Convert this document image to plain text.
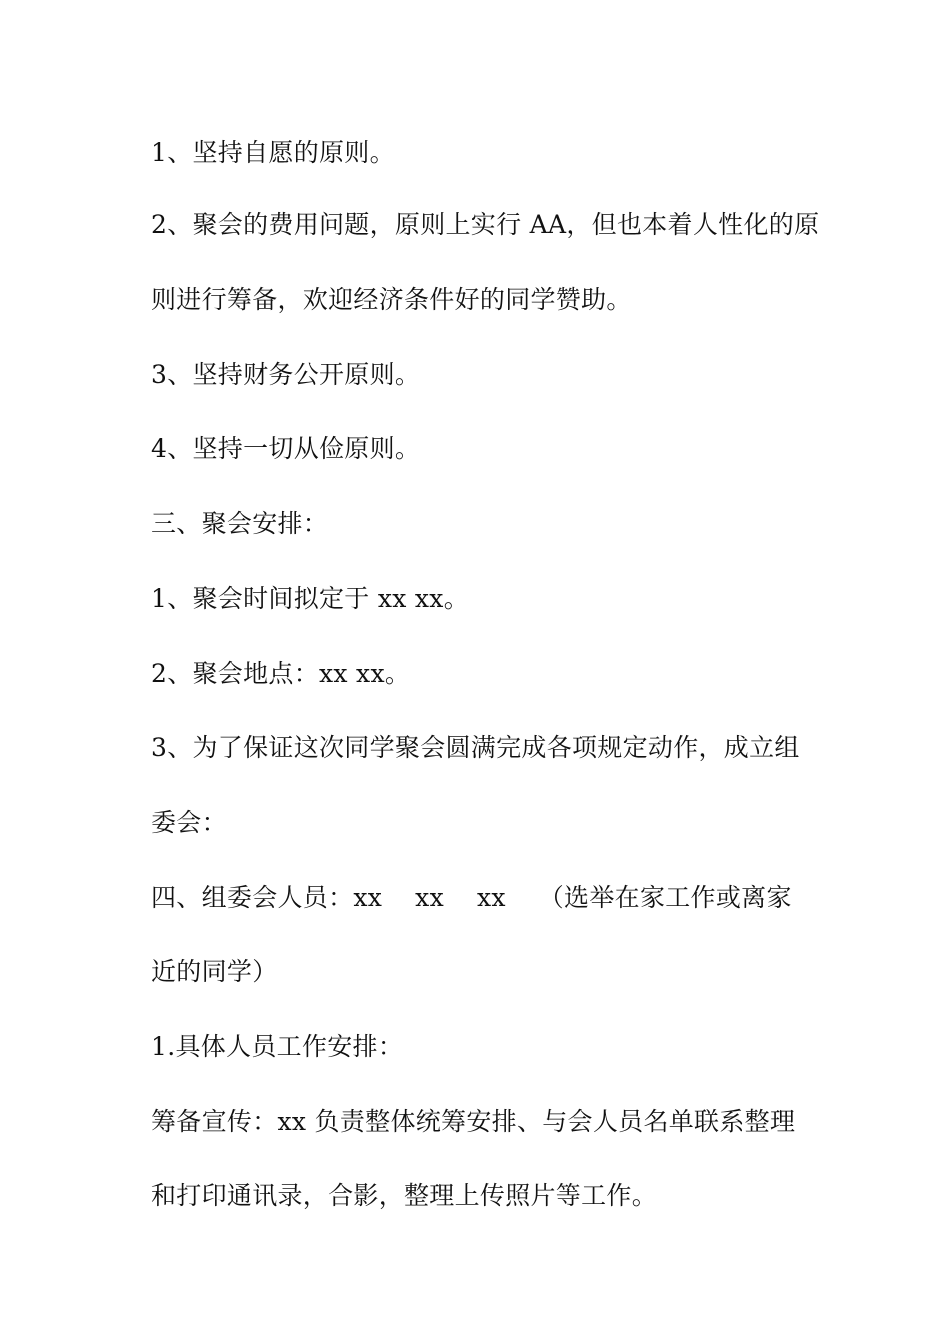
1、坚持自愿的原则。

2、聚会的费用问题，原则上实行 AA，但也本着人性化的原

则进行筹备，欢迎经济条件好的同学赞助。

3、坚持财务公开原则。

4、坚持一切从俭原则。

三、聚会安排：

1、聚会时间拟定于 xx xx。

2、聚会地点：xx xx。

3、为了保证这次同学聚会圆满完成各项规定动作，成立组

委会：

四、组委会人员：xx    xx    xx    （选举在家工作或离家

近的同学）

1.具体人员工作安排：

筹备宣传：xx 负责整体统筹安排、与会人员名单联系整理

和打印通讯录，合影，整理上传照片等工作。
